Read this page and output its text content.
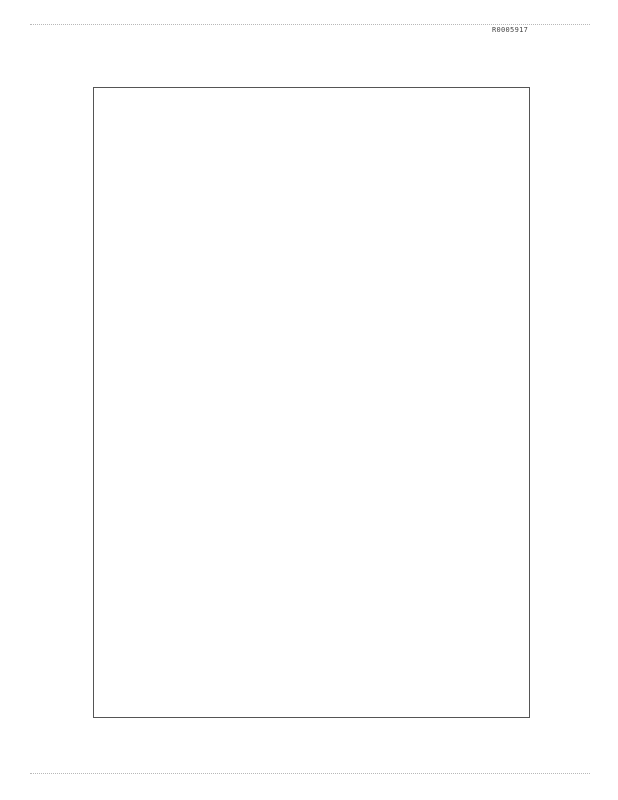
R0005917
